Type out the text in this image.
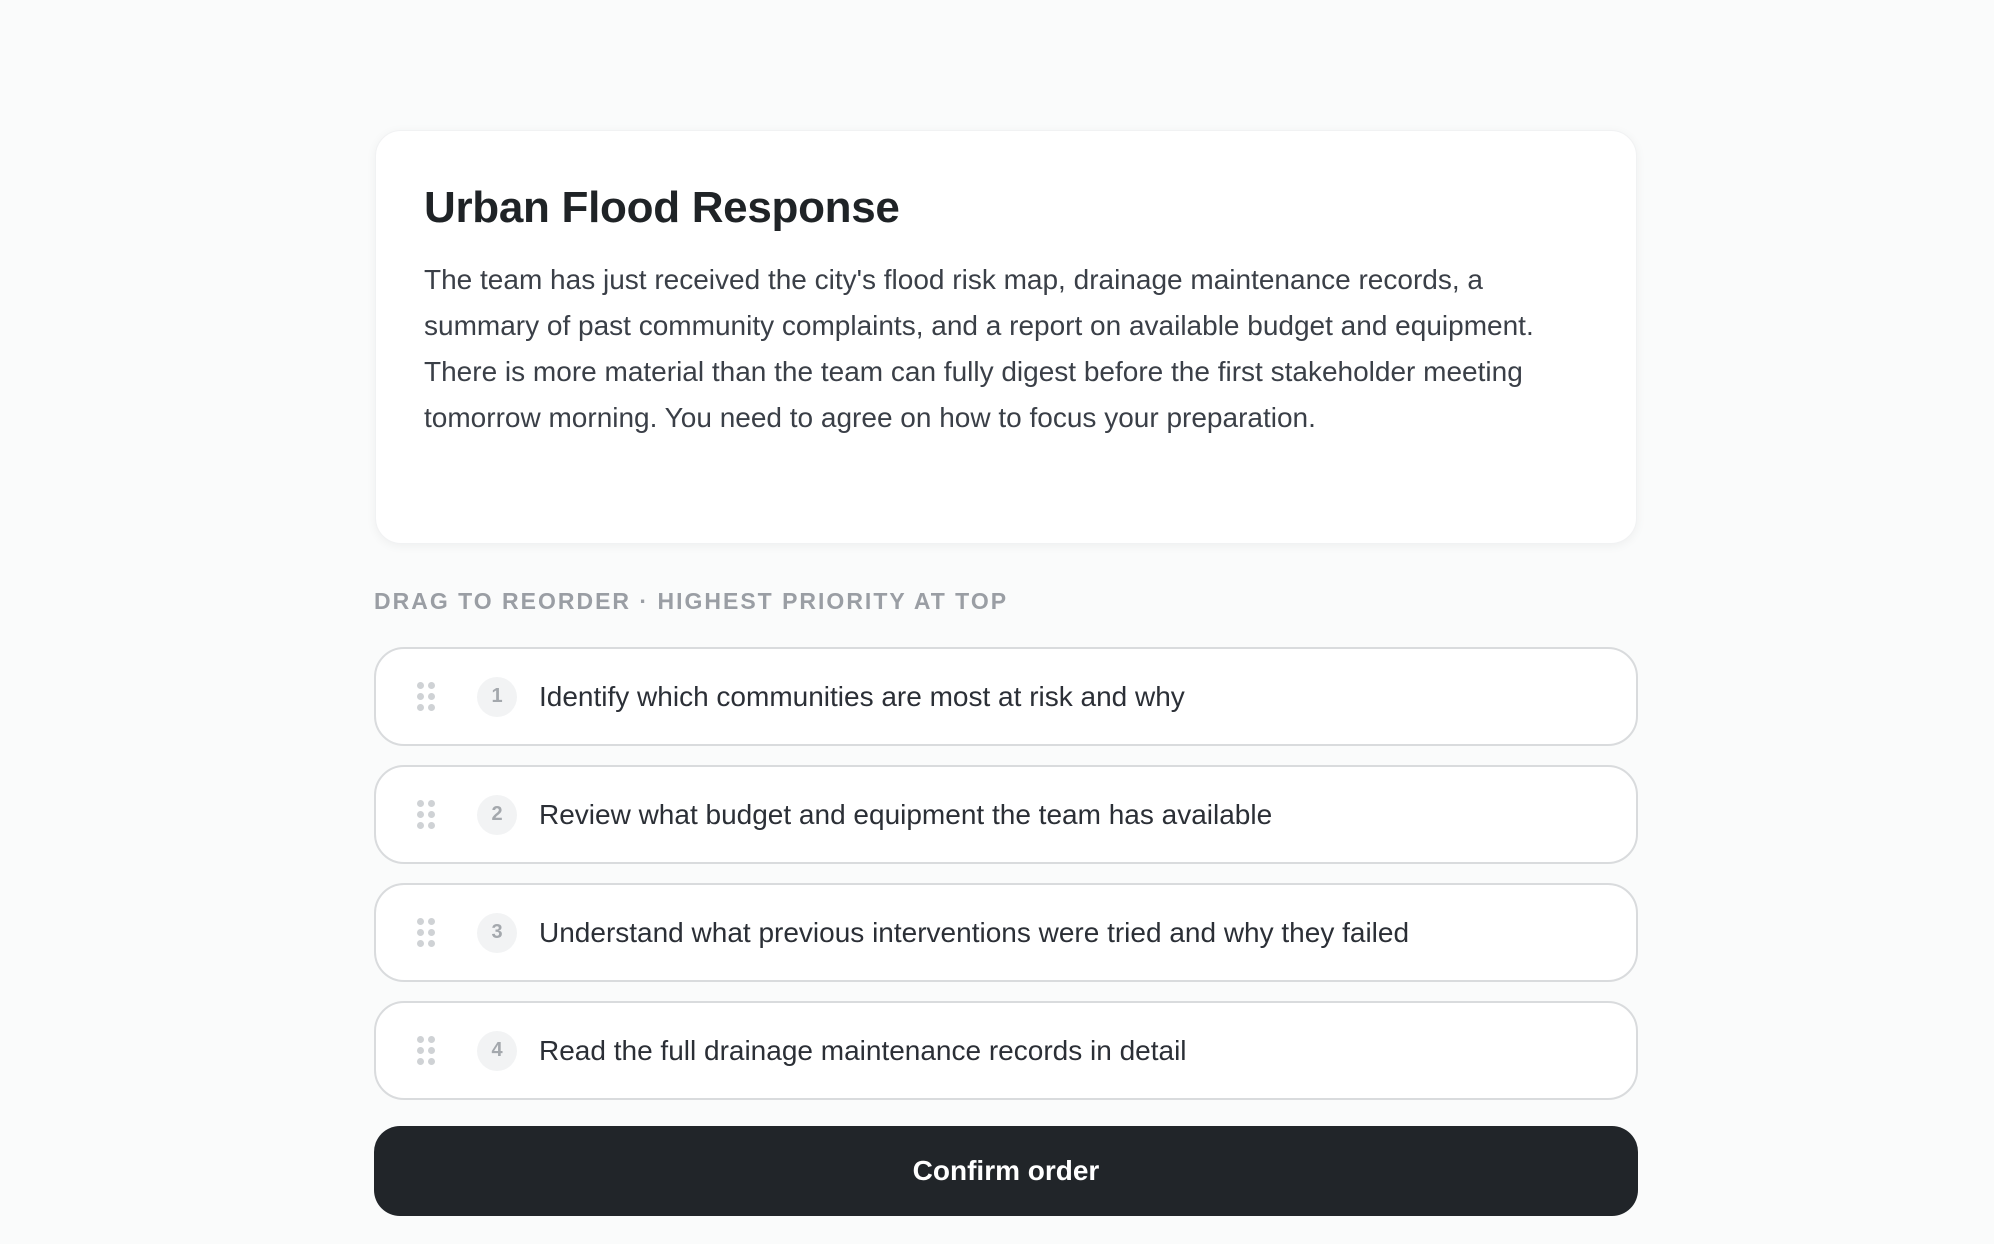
Urban Flood Response

The team has just received the city's flood risk map, drainage maintenance records, a summary of past community complaints, and a report on available budget and equipment. There is more material than the team can fully digest before the first stakeholder meeting tomorrow morning. You need to agree on how to focus your preparation.

DRAG TO REORDER · HIGHEST PRIORITY AT TOP
1	Identify which communities are most at risk and why
2	Review what budget and equipment the team has available
3	Understand what previous interventions were tried and why they failed
4	Read the full drainage maintenance records in detail
Confirm order
